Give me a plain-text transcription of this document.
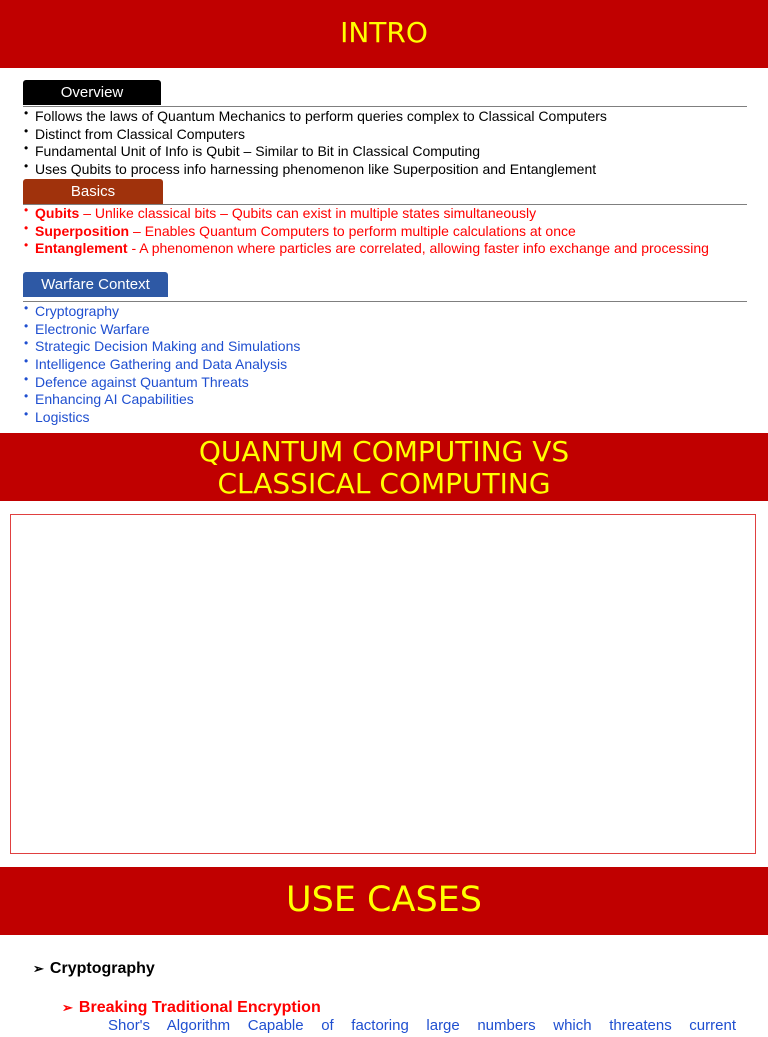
INTRO
Overview
• Follows the laws of Quantum Mechanics to perform queries complex to Classical Computers
• Distinct from Classical Computers
• Fundamental Unit of Info is Qubit – Similar to Bit in Classical Computing
• Uses Qubits to process info harnessing phenomenon like Superposition and Entanglement
Basics
• Qubits – Unlike classical bits – Qubits can exist in multiple states simultaneously
• Superposition – Enables Quantum Computers to perform multiple calculations at once
• Entanglement - A phenomenon where particles are correlated, allowing faster info exchange and processing
Warfare Context
• Cryptography
• Electronic Warfare
• Strategic Decision Making and Simulations
• Intelligence Gathering and Data Analysis
• Defence against Quantum Threats
• Enhancing AI Capabilities
• Logistics
QUANTUM COMPUTING VS
CLASSICAL COMPUTING
USE CASES
➢ Cryptography
➢ Breaking Traditional Encryption
Shor's Algorithm Capable of factoring large numbers which threatens current
